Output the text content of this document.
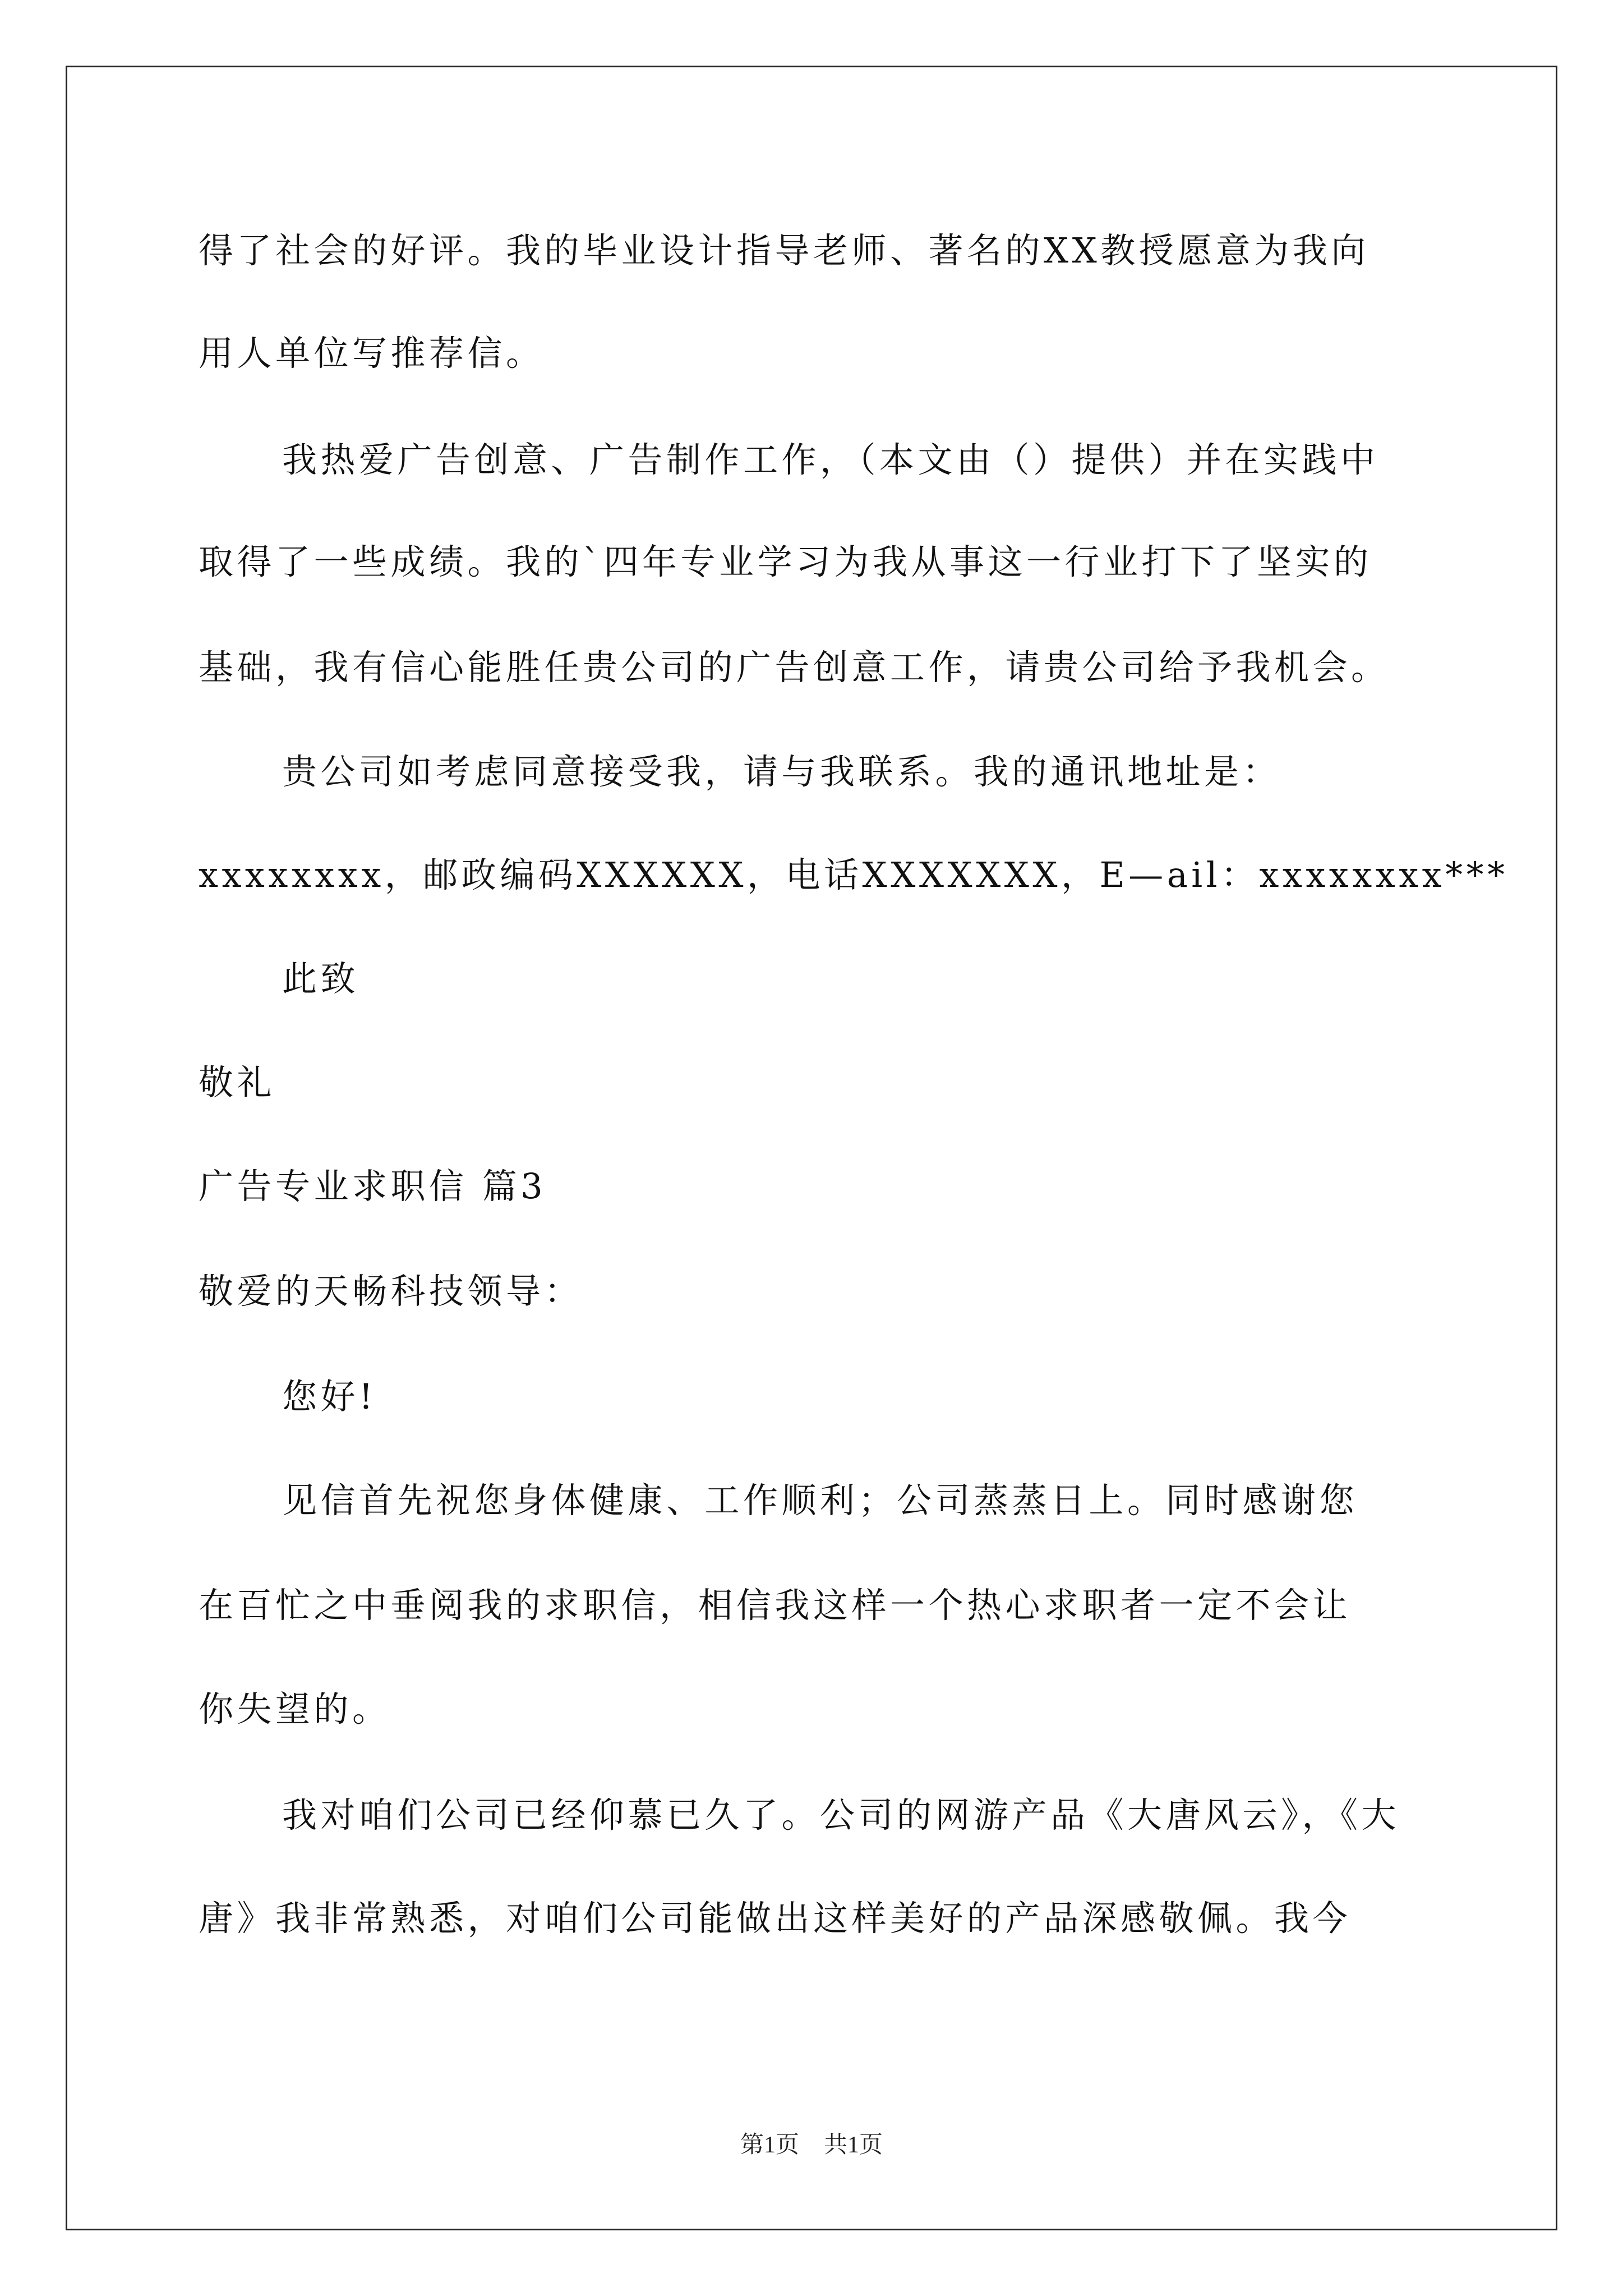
得了社会的好评。我的毕业设计指导老师、著名的XX教授愿意为我向

用人单位写推荐信。

我热爱广告创意、广告制作工作，（本文由（）提供）并在实践中

取得了一些成绩。我的`四年专业学习为我从事这一行业打下了坚实的

基础，我有信心能胜任贵公司的广告创意工作，请贵公司给予我机会。

贵公司如考虑同意接受我，请与我联系。我的通讯地址是：

xxxxxxxx，邮政编码XXXXXX，电话XXXXXXX，E—ail：xxxxxxxx***

此致

敬礼

广告专业求职信 篇3

敬爱的天畅科技领导：

您好!

见信首先祝您身体健康、工作顺利；公司蒸蒸日上。同时感谢您

在百忙之中垂阅我的求职信，相信我这样一个热心求职者一定不会让

你失望的。

我对咱们公司已经仰慕已久了。公司的网游产品《大唐风云》，《大

唐》我非常熟悉，对咱们公司能做出这样美好的产品深感敬佩。我今

第1页 共1页
